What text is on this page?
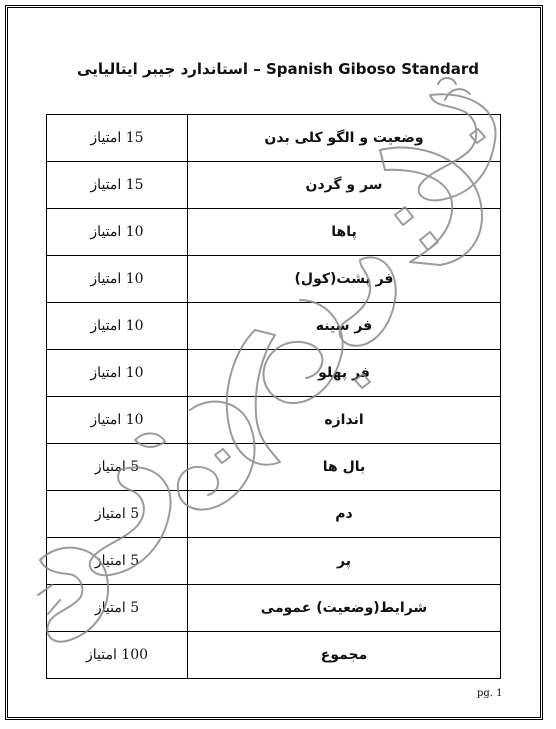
استاندارد جیبر ایتالیایی – Spanish Giboso Standard
15 امتیاز	وضعیت و الگو کلی بدن
15 امتیاز	سر و گردن
10 امتیاز	پاها
10 امتیاز	فر پشت(کول)
10 امتیاز	فر سینه
10 امتیاز	فر پهلو
10 امتیاز	اندازه
5 امتیاز	بال ها
5 امتیاز	دم
5 امتیاز	پر
5 امتیاز	شرایط(وضعیت) عمومی
100 امتیاز	مجموع
pg. 1
